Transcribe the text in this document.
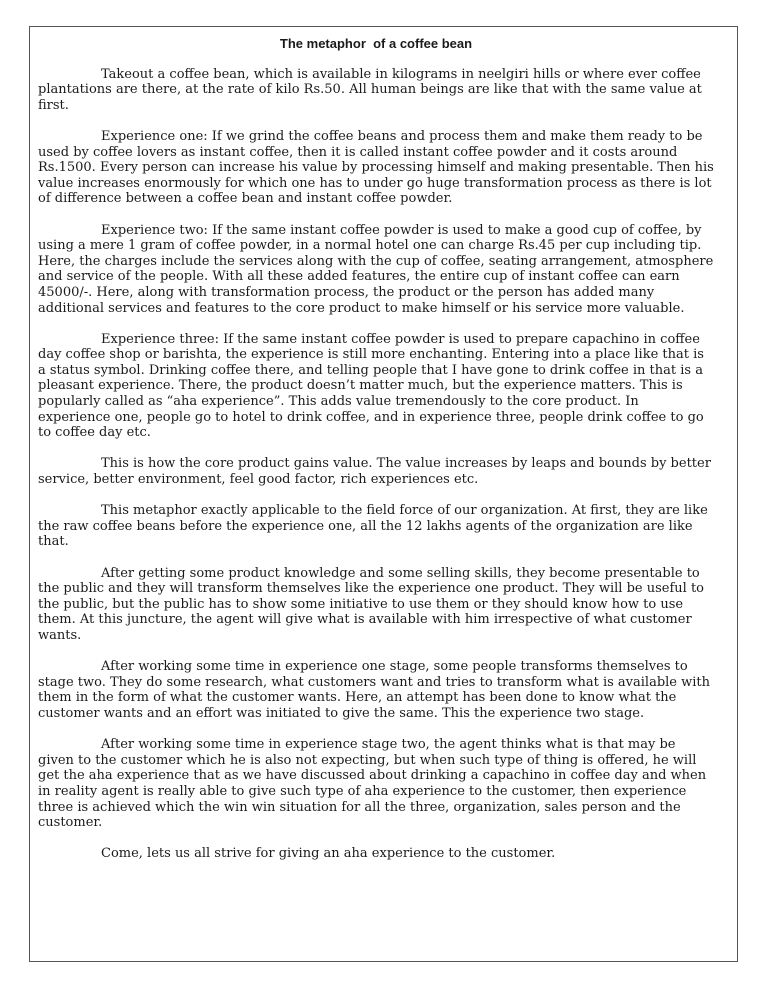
The metaphor  of a coffee bean

Takeout a coffee bean, which is available in kilograms in neelgiri hills or where ever coffee plantations are there, at the rate of kilo Rs.50. All human beings are like that with the same value at first.

Experience one: If we grind the coffee beans and process them and make them ready to be used by coffee lovers as instant coffee, then it is called instant coffee powder and it costs around Rs.1500. Every person can increase his value by processing himself and making presentable. Then his value increases enormously for which one has to under go huge transformation process as there is lot of difference between a coffee bean and instant coffee powder.

Experience two: If the same instant coffee powder is used to make a good cup of coffee, by using a mere 1 gram of coffee powder, in a normal hotel one can charge Rs.45 per cup including tip. Here, the charges include the services along with the cup of coffee, seating arrangement, atmosphere and service of the people. With all these added features, the entire cup of instant coffee can earn 45000/-. Here, along with transformation process, the product or the person has added many additional services and features to the core product to make himself or his service more valuable.

Experience three: If the same instant coffee powder is used to prepare capachino in coffee day coffee shop or barishta, the experience is still more enchanting. Entering into a place like that is a status symbol. Drinking coffee there, and telling people that I have gone to drink coffee in that is a pleasant experience. There, the product doesn’t matter much, but the experience matters. This is popularly called as “aha experience”. This adds value tremendously to the core product. In experience one, people go to hotel to drink coffee, and in experience three, people drink coffee to go to coffee day etc.

This is how the core product gains value. The value increases by leaps and bounds by better service, better environment, feel good factor, rich experiences etc.

This metaphor exactly applicable to the field force of our organization. At first, they are like the raw coffee beans before the experience one, all the 12 lakhs agents of the organization are like that.

After getting some product knowledge and some selling skills, they become presentable to the public and they will transform themselves like the experience one product. They will be useful to the public, but the public has to show some initiative to use them or they should know how to use them. At this juncture, the agent will give what is available with him irrespective of what customer wants.

After working some time in experience one stage, some people transforms themselves to stage two. They do some research, what customers want and tries to transform what is available with them in the form of what the customer wants. Here, an attempt has been done to know what the customer wants and an effort was initiated to give the same. This the experience two stage.

After working some time in experience stage two, the agent thinks what is that may be given to the customer which he is also not expecting, but when such type of thing is offered, he will get the aha experience that as we have discussed about drinking a capachino in coffee day and when in reality agent is really able to give such type of aha experience to the customer, then experience three is achieved which the win win situation for all the three, organization, sales person and the customer.

Come, lets us all strive for giving an aha experience to the customer.
